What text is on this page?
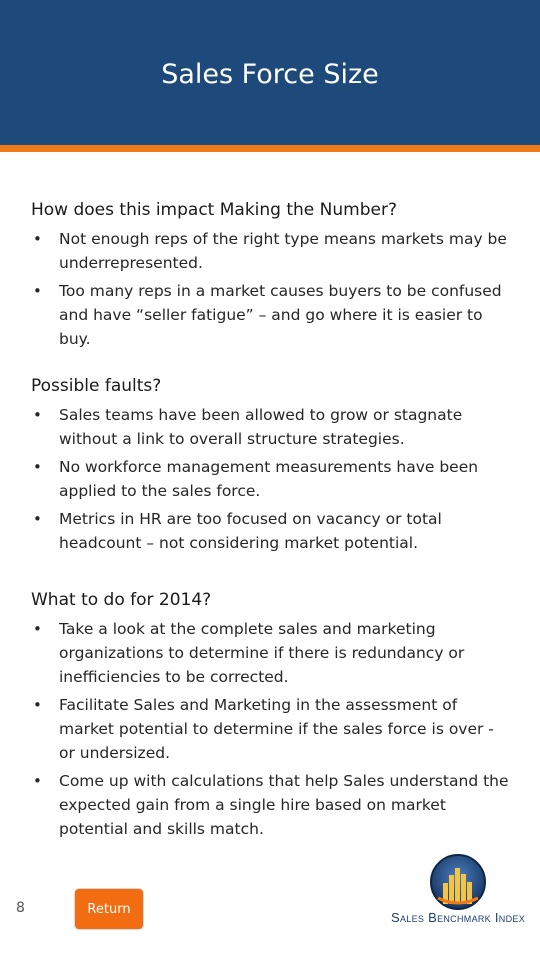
Sales Force Size
How does this impact Making the Number?
• Not enough reps of the right type means markets may be underrepresented.
• Too many reps in a market causes buyers to be confused and have “seller fatigue” – and go where it is easier to buy.
Possible faults?
• Sales teams have been allowed to grow or stagnate without a link to overall structure strategies.
• No workforce management measurements have been applied to the sales force.
• Metrics in HR are too focused on vacancy or total headcount – not considering market potential.
What to do for 2014?
• Take a look at the complete sales and marketing organizations to determine if there is redundancy or inefficiencies to be corrected.
• Facilitate Sales and Marketing in the assessment of market potential to determine if the sales force is over - or undersized.
• Come up with calculations that help Sales understand the expected gain from a single hire based on market potential and skills match.
8	Return
Sales Benchmark Index
